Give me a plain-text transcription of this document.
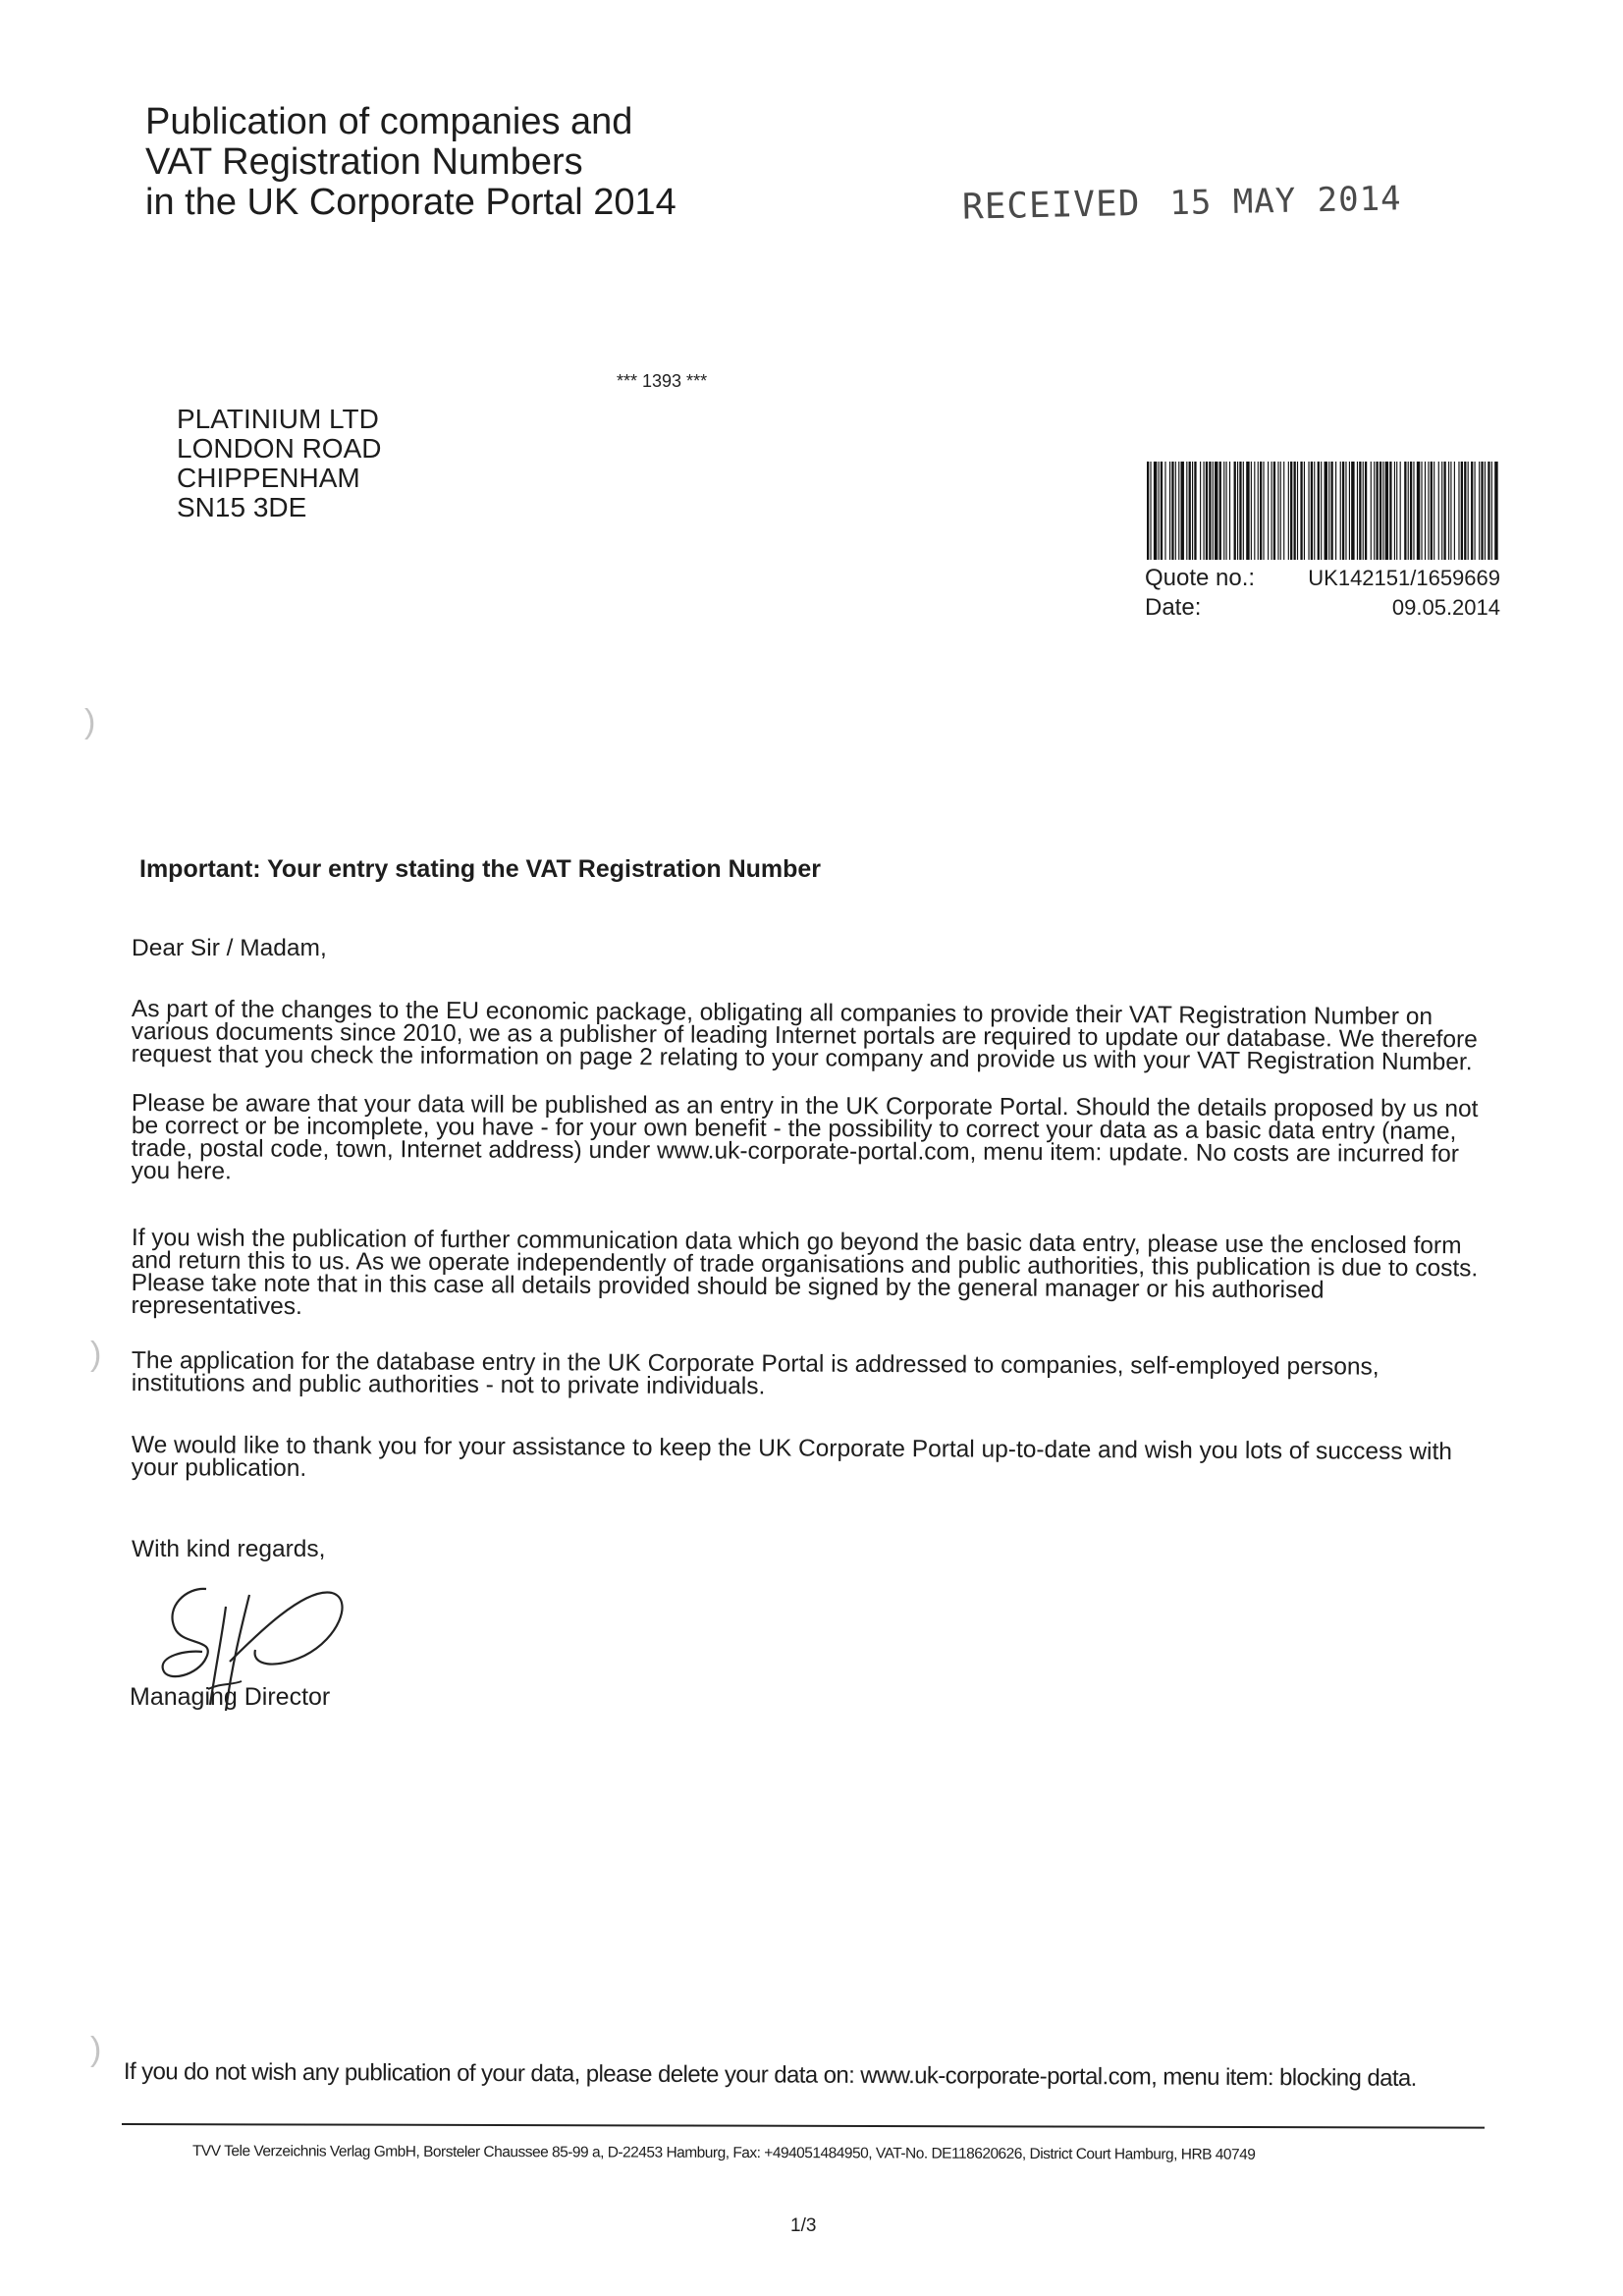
Publication of companies and
VAT Registration Numbers
in the UK Corporate Portal 2014	RECEIVED 15 MAY 2014
*** 1393 ***
PLATINIUM LTD
LONDON ROAD
CHIPPENHAM
SN15 3DE
Quote no.: UK142151/1659669
Date:	09.05.2014
)
)
)
Important: Your entry stating the VAT Registration Number
Dear Sir / Madam,

As part of the changes to the EU economic package, obligating all companies to provide their VAT Registration Number on various documents since 2010, we as a publisher of leading Internet portals are required to update our database. We therefore request that you check the information on page 2 relating to your company and provide us with your VAT Registration Number.

Please be aware that your data will be published as an entry in the UK Corporate Portal. Should the details proposed by us not be correct or be incomplete, you have - for your own benefit - the possibility to correct your data as a basic data entry (name, trade, postal code, town, Internet address) under www.uk-corporate-portal.com, menu item: update. No costs are incurred for you here.

If you wish the publication of further communication data which go beyond the basic data entry, please use the enclosed form and return this to us. As we operate independently of trade organisations and public authorities, this publication is due to costs. Please take note that in this case all details provided should be signed by the general manager or his authorised representatives.

The application for the database entry in the UK Corporate Portal is addressed to companies, self-employed persons, institutions and public authorities - not to private individuals.

We would like to thank you for your assistance to keep the UK Corporate Portal up-to-date and wish you lots of success with your publication.

With kind regards,
Managing Director
If you do not wish any publication of your data, please delete your data on: www.uk-corporate-portal.com, menu item: blocking data.
TVV Tele Verzeichnis Verlag GmbH, Borsteler Chaussee 85-99 a, D-22453 Hamburg, Fax: +494051484950, VAT-No. DE118620626, District Court Hamburg, HRB 40749
1/3
